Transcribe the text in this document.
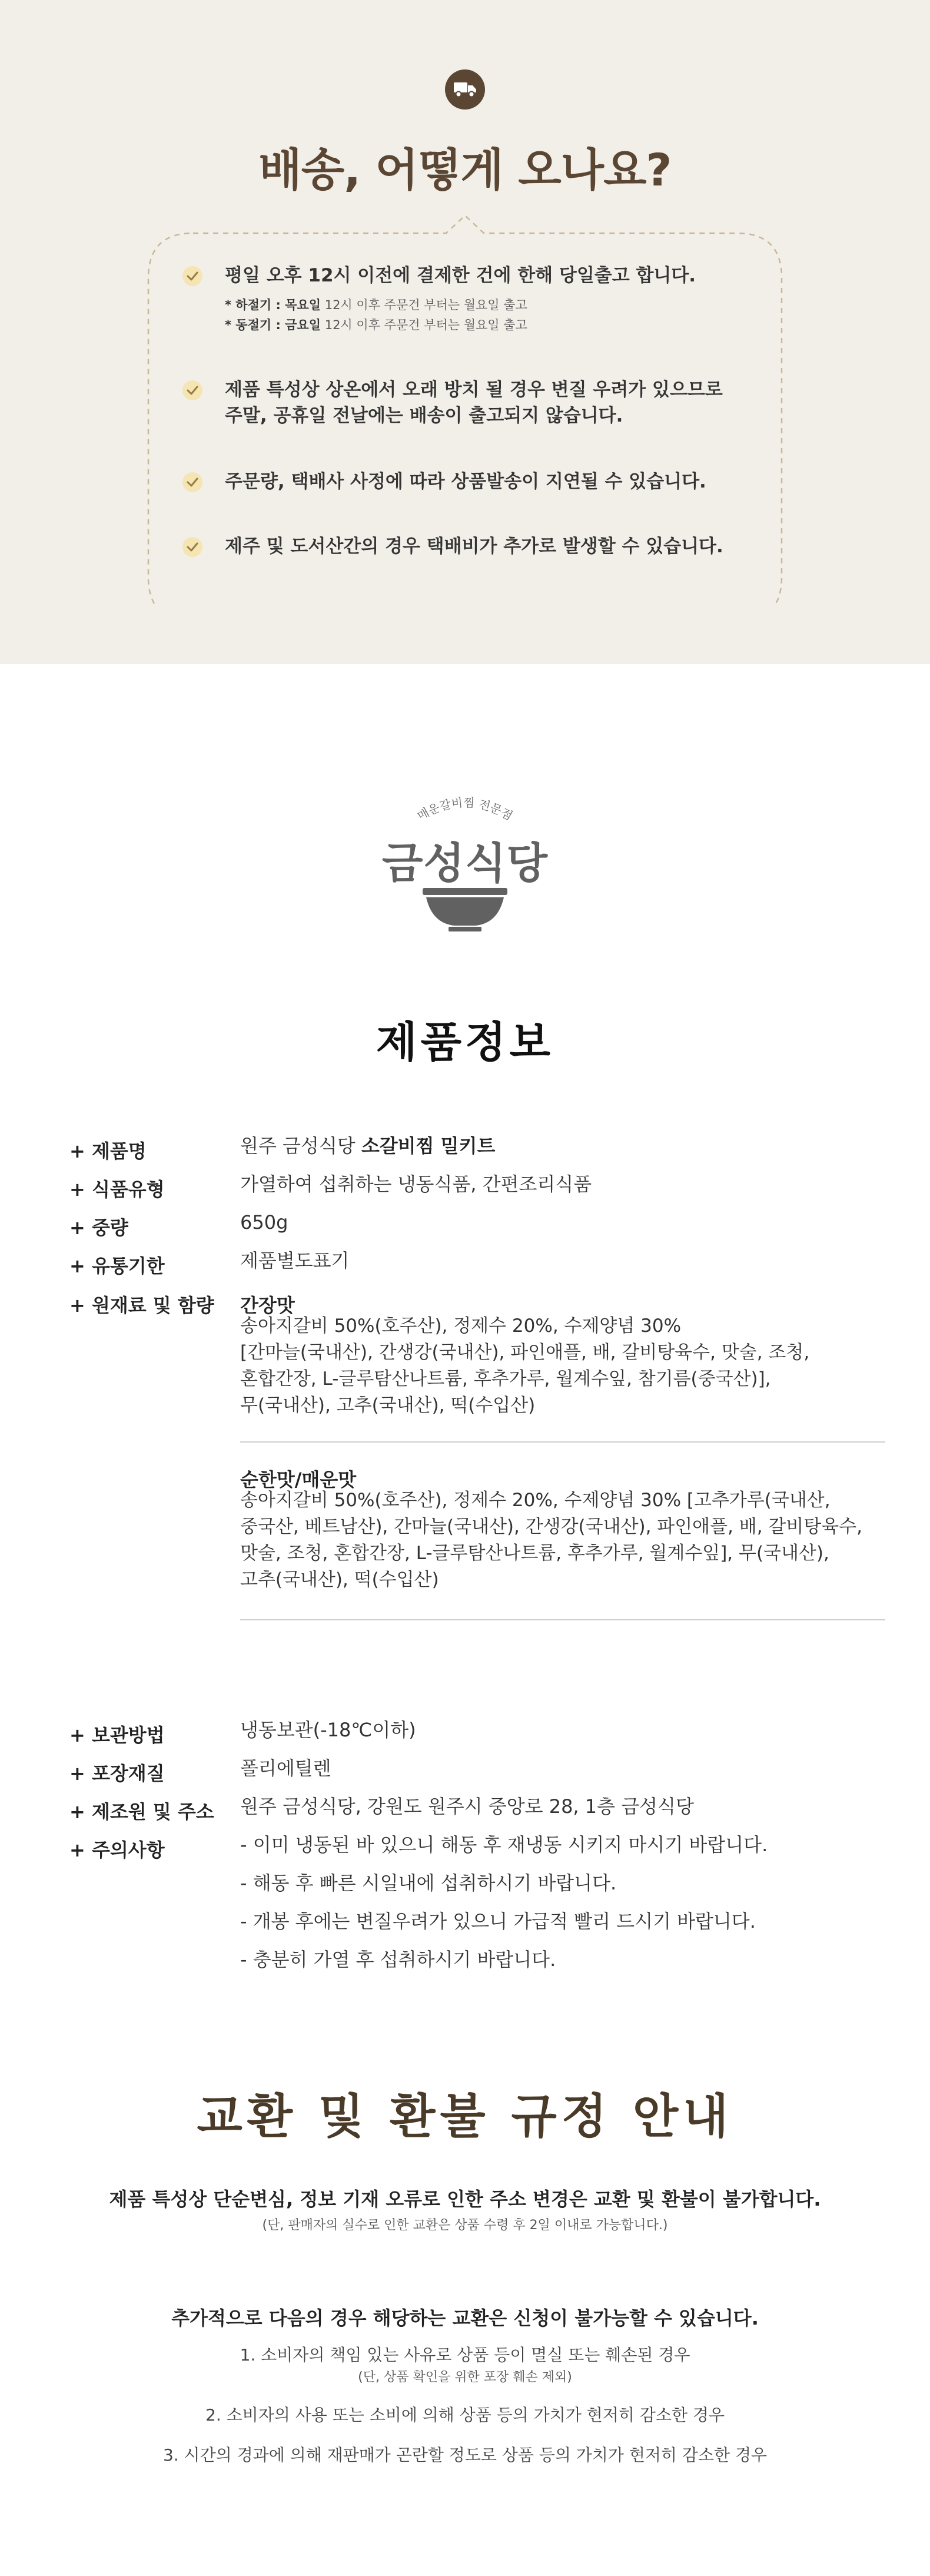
배송, 어떻게 오나요?
평일 오후 12시 이전에 결제한 건에 한해 당일출고 합니다.
* 하절기 : 목요일 12시 이후 주문건 부터는 월요일 출고
* 동절기 : 금요일 12시 이후 주문건 부터는 월요일 출고
제품 특성상 상온에서 오래 방치 될 경우 변질 우려가 있으므로
주말, 공휴일 전날에는 배송이 출고되지 않습니다.
주문량, 택배사 사정에 따라 상품발송이 지연될 수 있습니다.
제주 및 도서산간의 경우 택배비가 추가로 발생할 수 있습니다.
매운갈비찜 전문점
금성식당
제품정보
+ 제품명	원주 금성식당 소갈비찜 밀키트
+ 식품유형	가열하여 섭취하는 냉동식품, 간편조리식품
+ 중량	650g
+ 유통기한	제품별도표기
+ 원재료 및 함량 간장맛
송아지갈비 50%(호주산), 정제수 20%, 수제양념 30%
[간마늘(국내산), 간생강(국내산), 파인애플, 배, 갈비탕육수, 맛술, 조청,
혼합간장, L-글루탐산나트륨, 후추가루, 월계수잎, 참기름(중국산)],
무(국내산), 고추(국내산), 떡(수입산)
순한맛/매운맛
송아지갈비 50%(호주산), 정제수 20%, 수제양념 30% [고추가루(국내산,
중국산, 베트남산), 간마늘(국내산), 간생강(국내산), 파인애플, 배, 갈비탕육수,
맛술, 조청, 혼합간장, L-글루탐산나트륨, 후추가루, 월계수잎], 무(국내산),
고추(국내산), 떡(수입산)
+ 보관방법	냉동보관(-18℃이하)
+ 포장재질	폴리에틸렌
+ 제조원 및 주소 원주 금성식당, 강원도 원주시 중앙로 28, 1층 금성식당
+ 주의사항	- 이미 냉동된 바 있으니 해동 후 재냉동 시키지 마시기 바랍니다.
- 해동 후 빠른 시일내에 섭취하시기 바랍니다.
- 개봉 후에는 변질우려가 있으니 가급적 빨리 드시기 바랍니다.
- 충분히 가열 후 섭취하시기 바랍니다.
교환 및 환불 규정 안내
제품 특성상 단순변심, 정보 기재 오류로 인한 주소 변경은 교환 및 환불이 불가합니다.
(단, 판매자의 실수로 인한 교환은 상품 수령 후 2일 이내로 가능합니다.)
추가적으로 다음의 경우 해당하는 교환은 신청이 불가능할 수 있습니다.
1. 소비자의 책임 있는 사유로 상품 등이 멸실 또는 훼손된 경우
(단, 상품 확인을 위한 포장 훼손 제외)
2. 소비자의 사용 또는 소비에 의해 상품 등의 가치가 현저히 감소한 경우
3. 시간의 경과에 의해 재판매가 곤란할 정도로 상품 등의 가치가 현저히 감소한 경우
